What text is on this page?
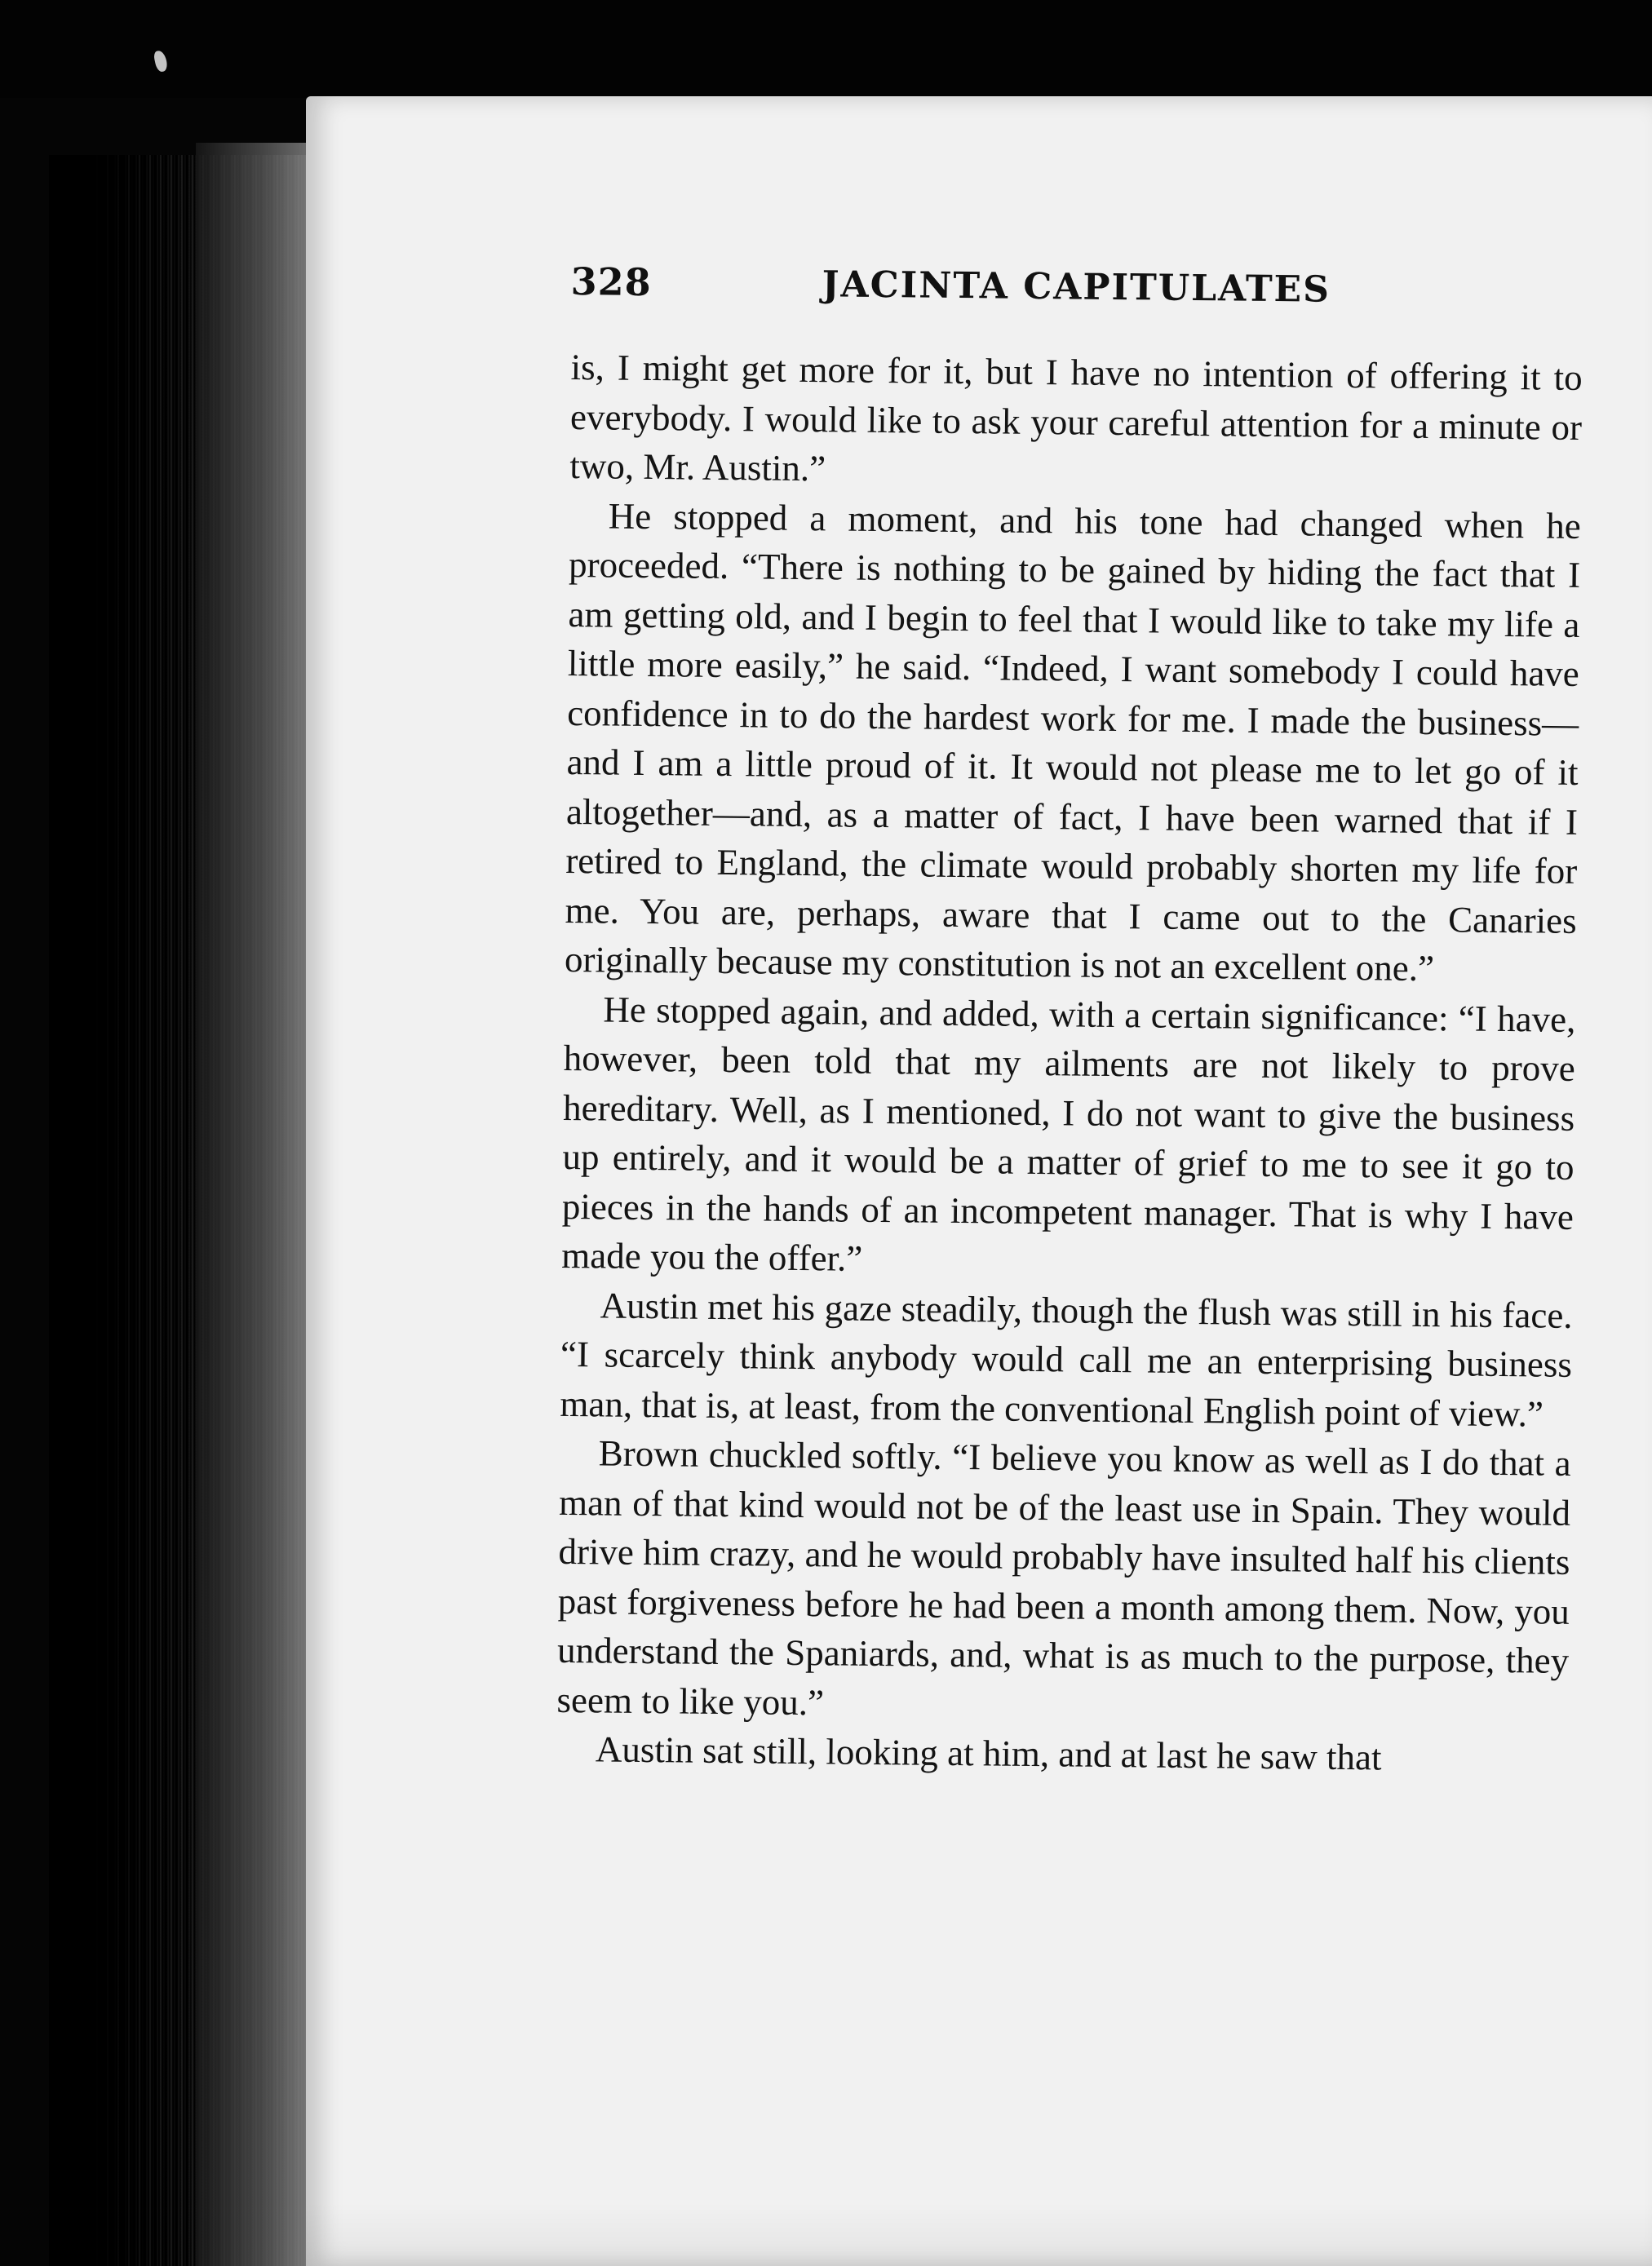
328	JACINTA CAPITULATES

is, I might get more for it, but I have no intention of offering it to everybody. I would like to ask your careful attention for a minute or two, Mr. Austin.”

He stopped a moment, and his tone had changed when he proceeded. “There is nothing to be gained by hiding the fact that I am getting old, and I begin to feel that I would like to take my life a little more easily,” he said. “Indeed, I want somebody I could have confidence in to do the hardest work for me. I made the business—and I am a little proud of it. It would not please me to let go of it altogether—and, as a matter of fact, I have been warned that if I retired to England, the climate would probably shorten my life for me. You are, perhaps, aware that I came out to the Canaries originally because my constitution is not an excellent one.”

He stopped again, and added, with a certain significance: “I have, however, been told that my ailments are not likely to prove hereditary. Well, as I mentioned, I do not want to give the business up entirely, and it would be a matter of grief to me to see it go to pieces in the hands of an incompetent manager. That is why I have made you the offer.”

Austin met his gaze steadily, though the flush was still in his face. “I scarcely think anybody would call me an enterprising business man, that is, at least, from the conventional English point of view.”

Brown chuckled softly. “I believe you know as well as I do that a man of that kind would not be of the least use in Spain. They would drive him crazy, and he would probably have insulted half his clients past forgiveness before he had been a month among them. Now, you understand the Spaniards, and, what is as much to the purpose, they seem to like you.”

Austin sat still, looking at him, and at last he saw that
